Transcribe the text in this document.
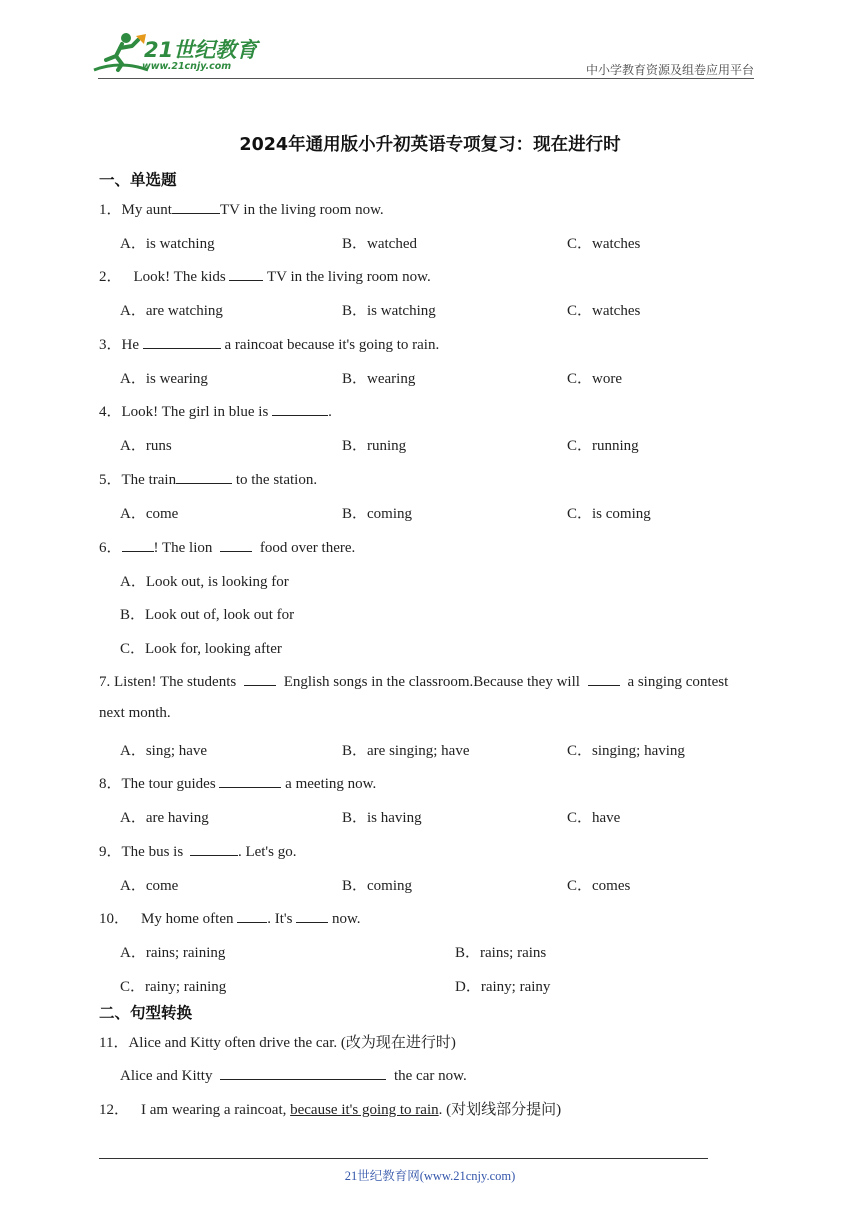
21世纪教育
www.21cnjy.com	中小学教育资源及组卷应用平台
2024年通用版小升初英语专项复习：现在进行时
一、单选题
1．My aunt	TV in the living room now.
A．is watching	B．watched	C．watches
2． Look! The kids	TV in the living room now.
A．are watching	B．is watching	C．watches
3．He	a raincoat because it's going to rain.
A．is wearing	B．wearing	C．wore
4．Look! The girl in blue is	.
A．runs	B．runing	C．running
5．The train	to the station.
A．come	B．coming	C．is coming
6． ! The lion	food over there.
A．Look out, is looking for
B．Look out of, look out for
C．Look for, looking after
7. Listen! The students	English songs in the classroom.Because they will	a singing contest
next month.
A．sing; have	B．are singing; have	C．singing; having
8．The tour guides	a meeting now.
A．are having	B．is having	C．have
9．The bus is	. Let's go.
A．come	B．coming	C．comes
10． My home often . It's	now.
A．rains; raining	B．rains; rains
C．rainy; raining	D．rainy; rainy
二、句型转换
11．Alice and Kitty often drive the car. (改为现在进行时)
Alice and Kitty	the car now.
12． I am wearing a raincoat, because it's going to rain. (对划线部分提问)
21世纪教育网(www.21cnjy.com)
